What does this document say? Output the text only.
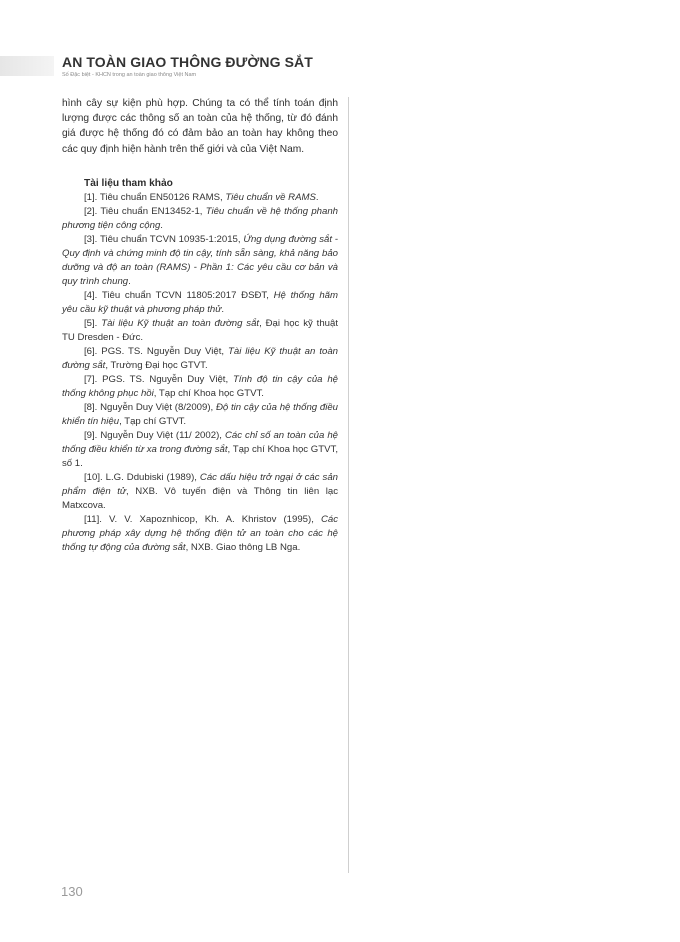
AN TOÀN GIAO THÔNG ĐƯỜNG SẮT
Số Đặc biệt - KHCN trong an toàn giao thông Việt Nam

hình cây sự kiện phù hợp. Chúng ta có thể tính toán định lượng được các thông số an toàn của hệ thống, từ đó đánh giá được hệ thống đó có đảm bảo an toàn hay không theo các quy định hiện hành trên thế giới và của Việt Nam.

Tài liệu tham khảo

[1]. Tiêu chuẩn EN50126 RAMS, Tiêu chuẩn về RAMS.

[2]. Tiêu chuẩn EN13452-1, Tiêu chuẩn về hệ thống phanh phương tiện công cộng.

[3]. Tiêu chuẩn TCVN 10935-1:2015, Ứng dụng đường sắt - Quy định và chứng minh độ tin cậy, tính sẵn sàng, khả năng bảo dưỡng và độ an toàn (RAMS) - Phần 1: Các yêu cầu cơ bản và quy trình chung.

[4]. Tiêu chuẩn TCVN 11805:2017 ĐSĐT, Hệ thống hãm yêu cầu kỹ thuật và phương pháp thử.

[5]. Tài liệu Kỹ thuật an toàn đường sắt, Đại học kỹ thuật TU Dresden - Đức.

[6]. PGS. TS. Nguyễn Duy Việt, Tài liệu Kỹ thuật an toàn đường sắt, Trường Đại học GTVT.

[7]. PGS. TS. Nguyễn Duy Việt, Tính độ tin cậy của hệ thống không phục hồi, Tạp chí Khoa học GTVT.

[8]. Nguyễn Duy Việt (8/2009), Độ tin cậy của hệ thống điều khiển tín hiệu, Tạp chí GTVT.

[9]. Nguyễn Duy Việt (11/ 2002), Các chỉ số an toàn của hệ thống điều khiển từ xa trong đường sắt, Tạp chí Khoa học GTVT, số 1.

[10]. L.G. Ddubiski (1989), Các dấu hiệu trở ngại ở các sản phẩm điện tử, NXB. Vô tuyến điện và Thông tin liên lạc Matxcova.

[11]. V. V. Xapoznhicop, Kh. A. Khristov (1995), Các phương pháp xây dựng hệ thống điện tử an toàn cho các hệ thống tự động của đường sắt, NXB. Giao thông LB Nga.

130
